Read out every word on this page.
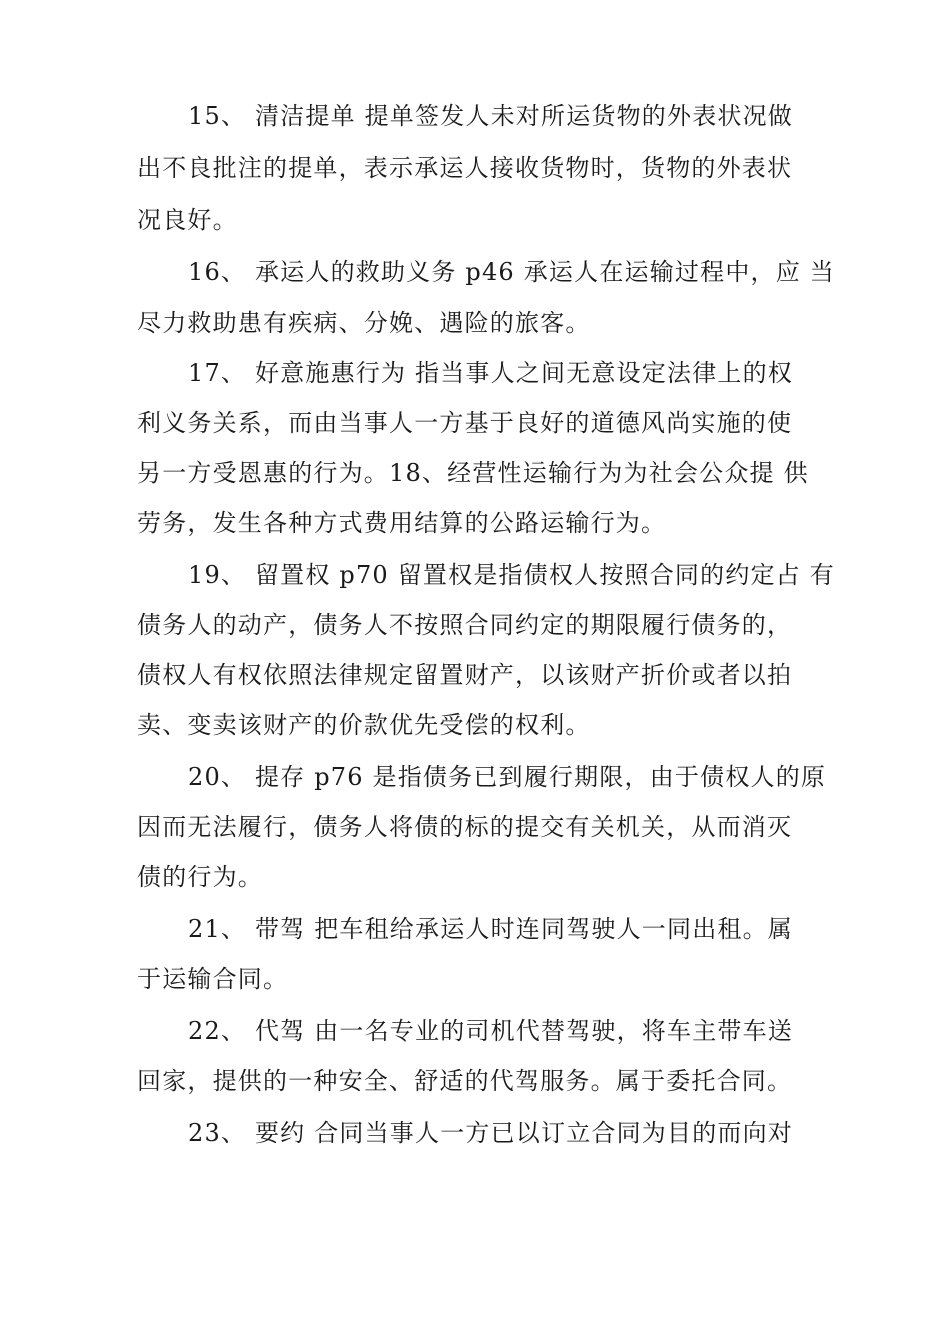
15、 清洁提单 提单签发人未对所运货物的外表状况做
出不良批注的提单，表示承运人接收货物时，货物的外表状
况良好。
16、 承运人的救助义务 p46 承运人在运输过程中，应 当
尽力救助患有疾病、分娩、遇险的旅客。
17、 好意施惠行为 指当事人之间无意设定法律上的权
利义务关系，而由当事人一方基于良好的道德风尚实施的使
另一方受恩惠的行为。18、经营性运输行为为社会公众提 供
劳务，发生各种方式费用结算的公路运输行为。
19、 留置权 p70 留置权是指债权人按照合同的约定占 有
债务人的动产，债务人不按照合同约定的期限履行债务的，
债权人有权依照法律规定留置财产，以该财产折价或者以拍
卖、变卖该财产的价款优先受偿的权利。
20、 提存 p76 是指债务已到履行期限，由于债权人的原
因而无法履行，债务人将债的标的提交有关机关，从而消灭
债的行为。
21、 带驾 把车租给承运人时连同驾驶人一同出租。属
于运输合同。
22、 代驾 由一名专业的司机代替驾驶，将车主带车送
回家，提供的一种安全、舒适的代驾服务。属于委托合同。
23、 要约 合同当事人一方已以订立合同为目的而向对
